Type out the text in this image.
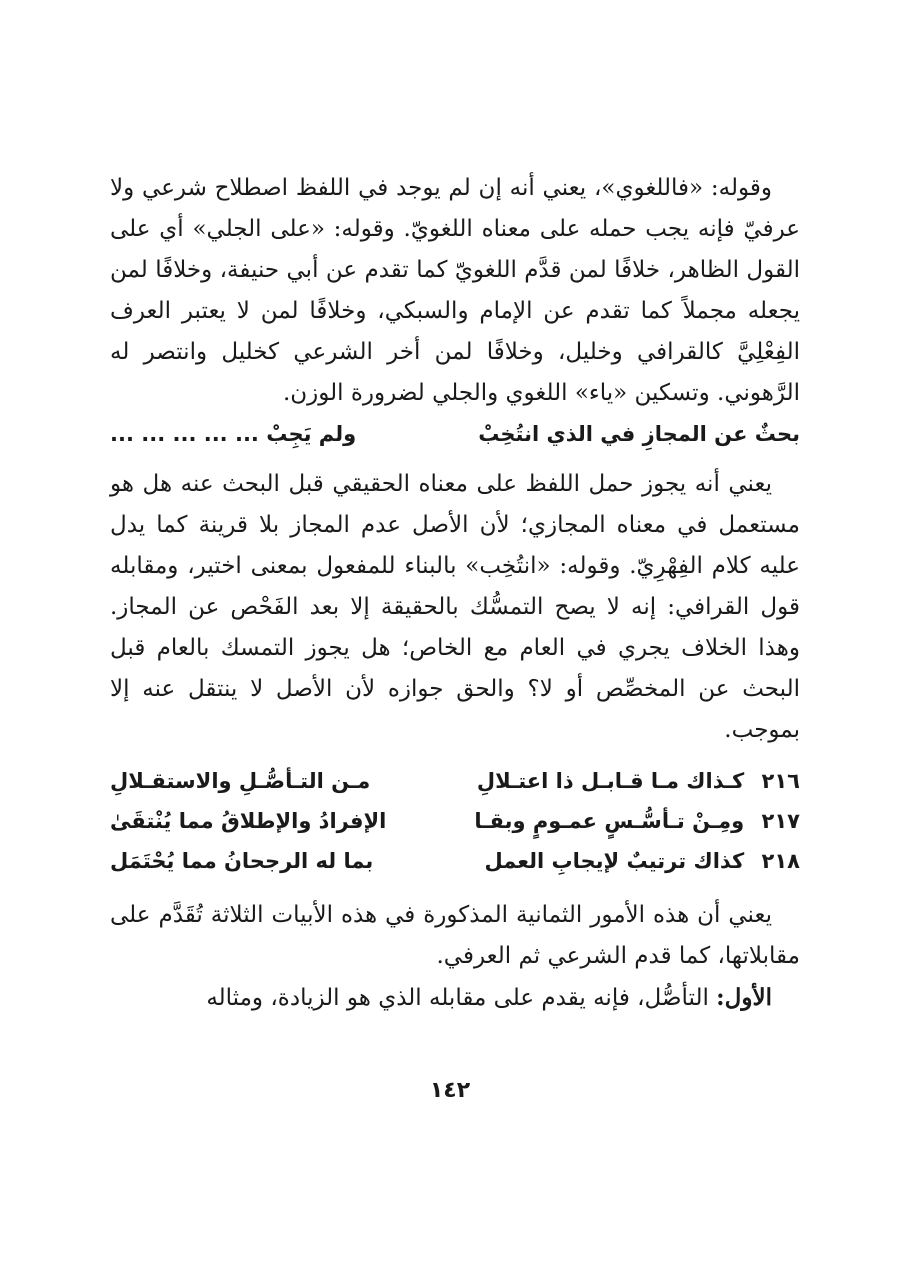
وقوله: «فاللغوي»، يعني أنه إن لم يوجد في اللفظ اصطلاح شرعي ولا عرفيّ فإنه يجب حمله على معناه اللغويّ. وقوله: «على الجلي» أي على القول الظاهر، خلافًا لمن قدَّم اللغويّ كما تقدم عن أبي حنيفة، وخلافًا لمن يجعله مجملاً كما تقدم عن الإمام والسبكي، وخلافًا لمن لا يعتبر العرف الفِعْلِيَّ كالقرافي وخليل، وخلافًا لمن أخر الشرعي كخليل وانتصر له الرَّهوني. وتسكين «ياء» اللغوي والجلي لضرورة الوزن.

بحثٌ عن المجازِ في الذي انتُخِبْ
ولم يَجِبْ ... ... ... ... ...

يعني أنه يجوز حمل اللفظ على معناه الحقيقي قبل البحث عنه هل هو مستعمل في معناه المجازي؛ لأن الأصل عدم المجاز بلا قرينة كما يدل عليه كلام الفِهْرِيّ. وقوله: «انتُخِب» بالبناء للمفعول بمعنى اختير، ومقابله قول القرافي: إنه لا يصح التمسُّك بالحقيقة إلا بعد الفَحْص عن المجاز. وهذا الخلاف يجري في العام مع الخاص؛ هل يجوز التمسك بالعام قبل البحث عن المخصِّص أو لا؟ والحق جوازه لأن الأصل لا ينتقل عنه إلا بموجب.

٢١٦ كـذاك مـا قـابـل ذا اعتـلالِ
مـن التـأصُّـلِ والاستقـلالِ
٢١٧ ومِـنْ تـأسُّـسٍ عمـومٍ وبقـا
الإفرادُ والإطلاقُ مما يُنْتقَىٰ
٢١٨ كذاك ترتيبٌ لإيجابِ العمل
بما له الرجحانُ مما يُحْتَمَل

يعني أن هذه الأمور الثمانية المذكورة في هذه الأبيات الثلاثة تُقَدَّم على مقابلاتها، كما قدم الشرعي ثم العرفي.

الأول: التأصُّل، فإنه يقدم على مقابله الذي هو الزيادة، ومثاله

١٤٢
